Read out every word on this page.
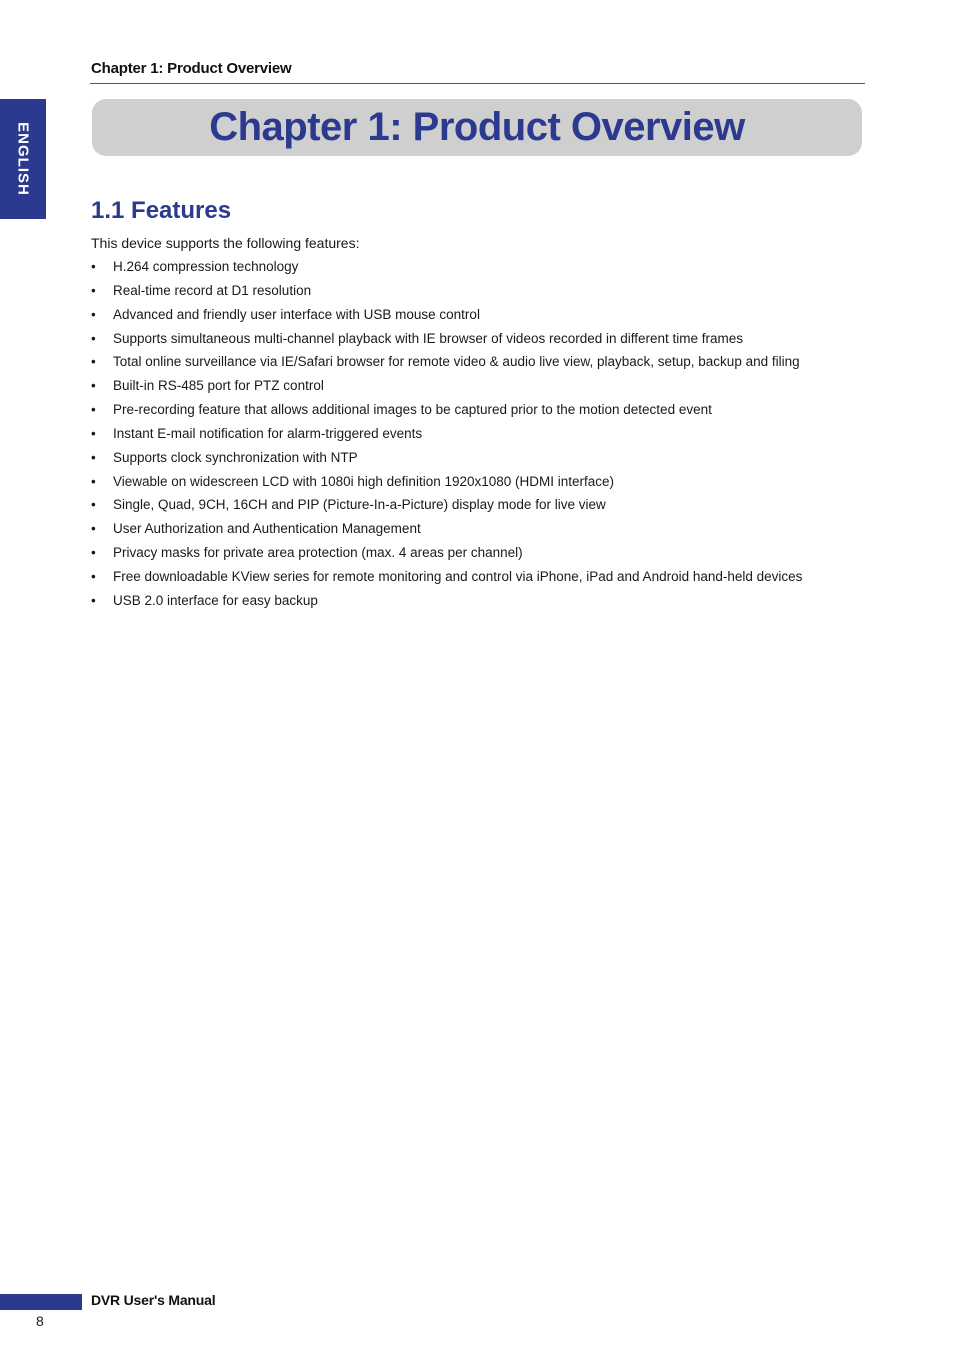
Chapter 1: Product Overview
ENGLISH	Chapter 1: Product Overview
1.1 Features
This device supports the following features:
• H.264 compression technology
• Real-time record at D1 resolution
• Advanced and friendly user interface with USB mouse control
• Supports simultaneous multi-channel playback with IE browser of videos recorded in different time frames
• Total online surveillance via IE/Safari browser for remote video & audio live view, playback, setup, backup and filing
• Built-in RS-485 port for PTZ control
• Pre-recording feature that allows additional images to be captured prior to the motion detected event
• Instant E-mail notification for alarm-triggered events
• Supports clock synchronization with NTP
• Viewable on widescreen LCD with 1080i high definition 1920x1080 (HDMI interface)
• Single, Quad, 9CH, 16CH and PIP (Picture-In-a-Picture) display mode for live view
• User Authorization and Authentication Management
• Privacy masks for private area protection (max. 4 areas per channel)
• Free downloadable KView series for remote monitoring and control via iPhone, iPad and Android hand-held devices
• USB 2.0 interface for easy backup
DVR User's Manual
8
